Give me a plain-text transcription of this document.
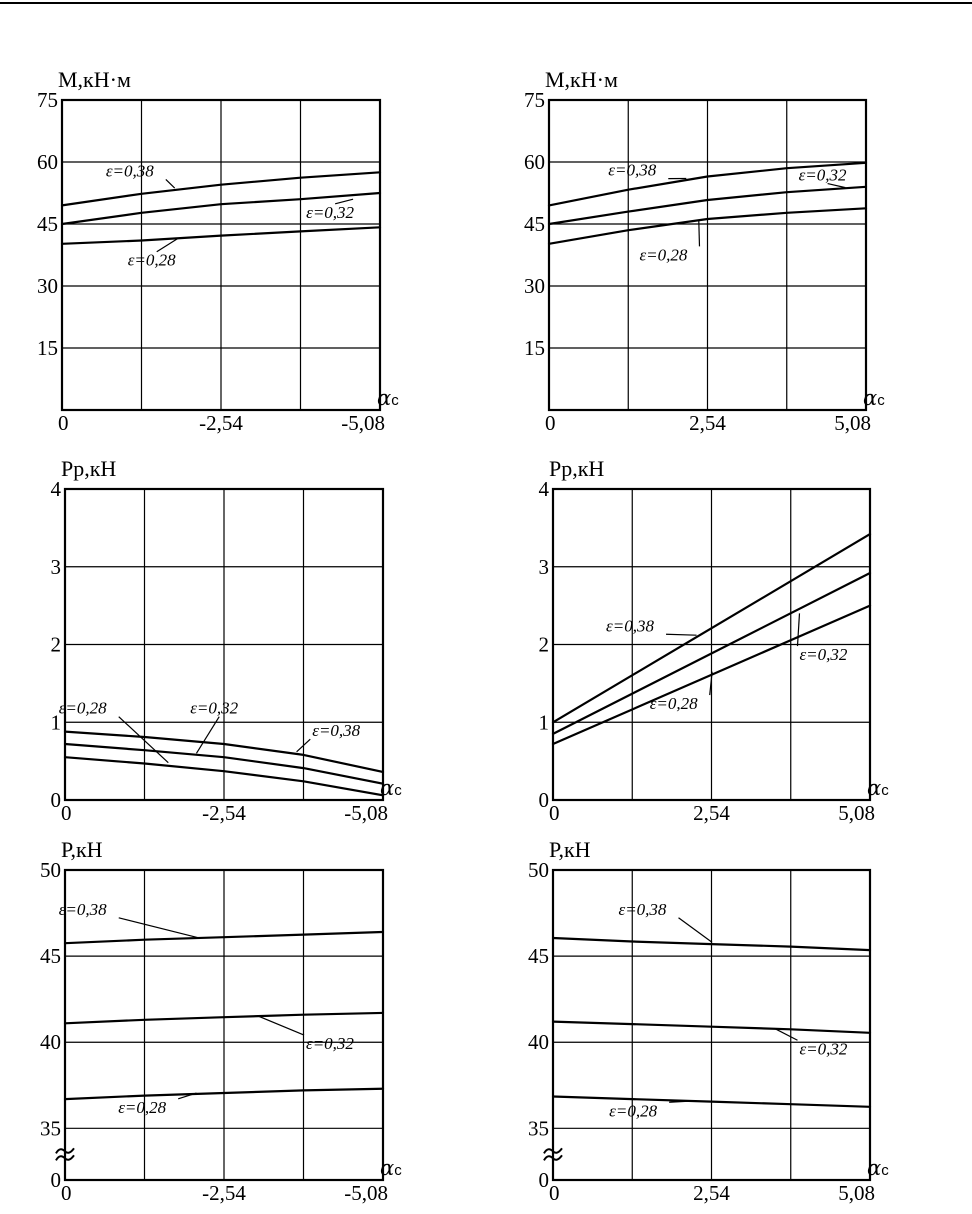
ε=0,38
ε=0,32
ε=0,28
М,кН·м
15
30
45
60
75
0	-2,54	-5,08
αc
ε=0,38	ε=0,32
ε=0,28
М,кН·м
15
30
45
60
75
0	2,54	5,08
αc
ε=0,28	ε=0,32
ε=0,38
Рр,кН
0
1
2
3
4
0	-2,54	-5,08
αc
ε=0,38
ε=0,32
ε=0,28
Рр,кН
0
1
2
3
4
0	2,54	5,08
αc
ε=0,38
ε=0,32
ε=0,28
Р,кН
0
35
40
45
50
0	-2,54	-5,08
αc
ε=0,38
ε=0,32
ε=0,28
Р,кН
0
35
40
45
50
0	2,54	5,08
αc
